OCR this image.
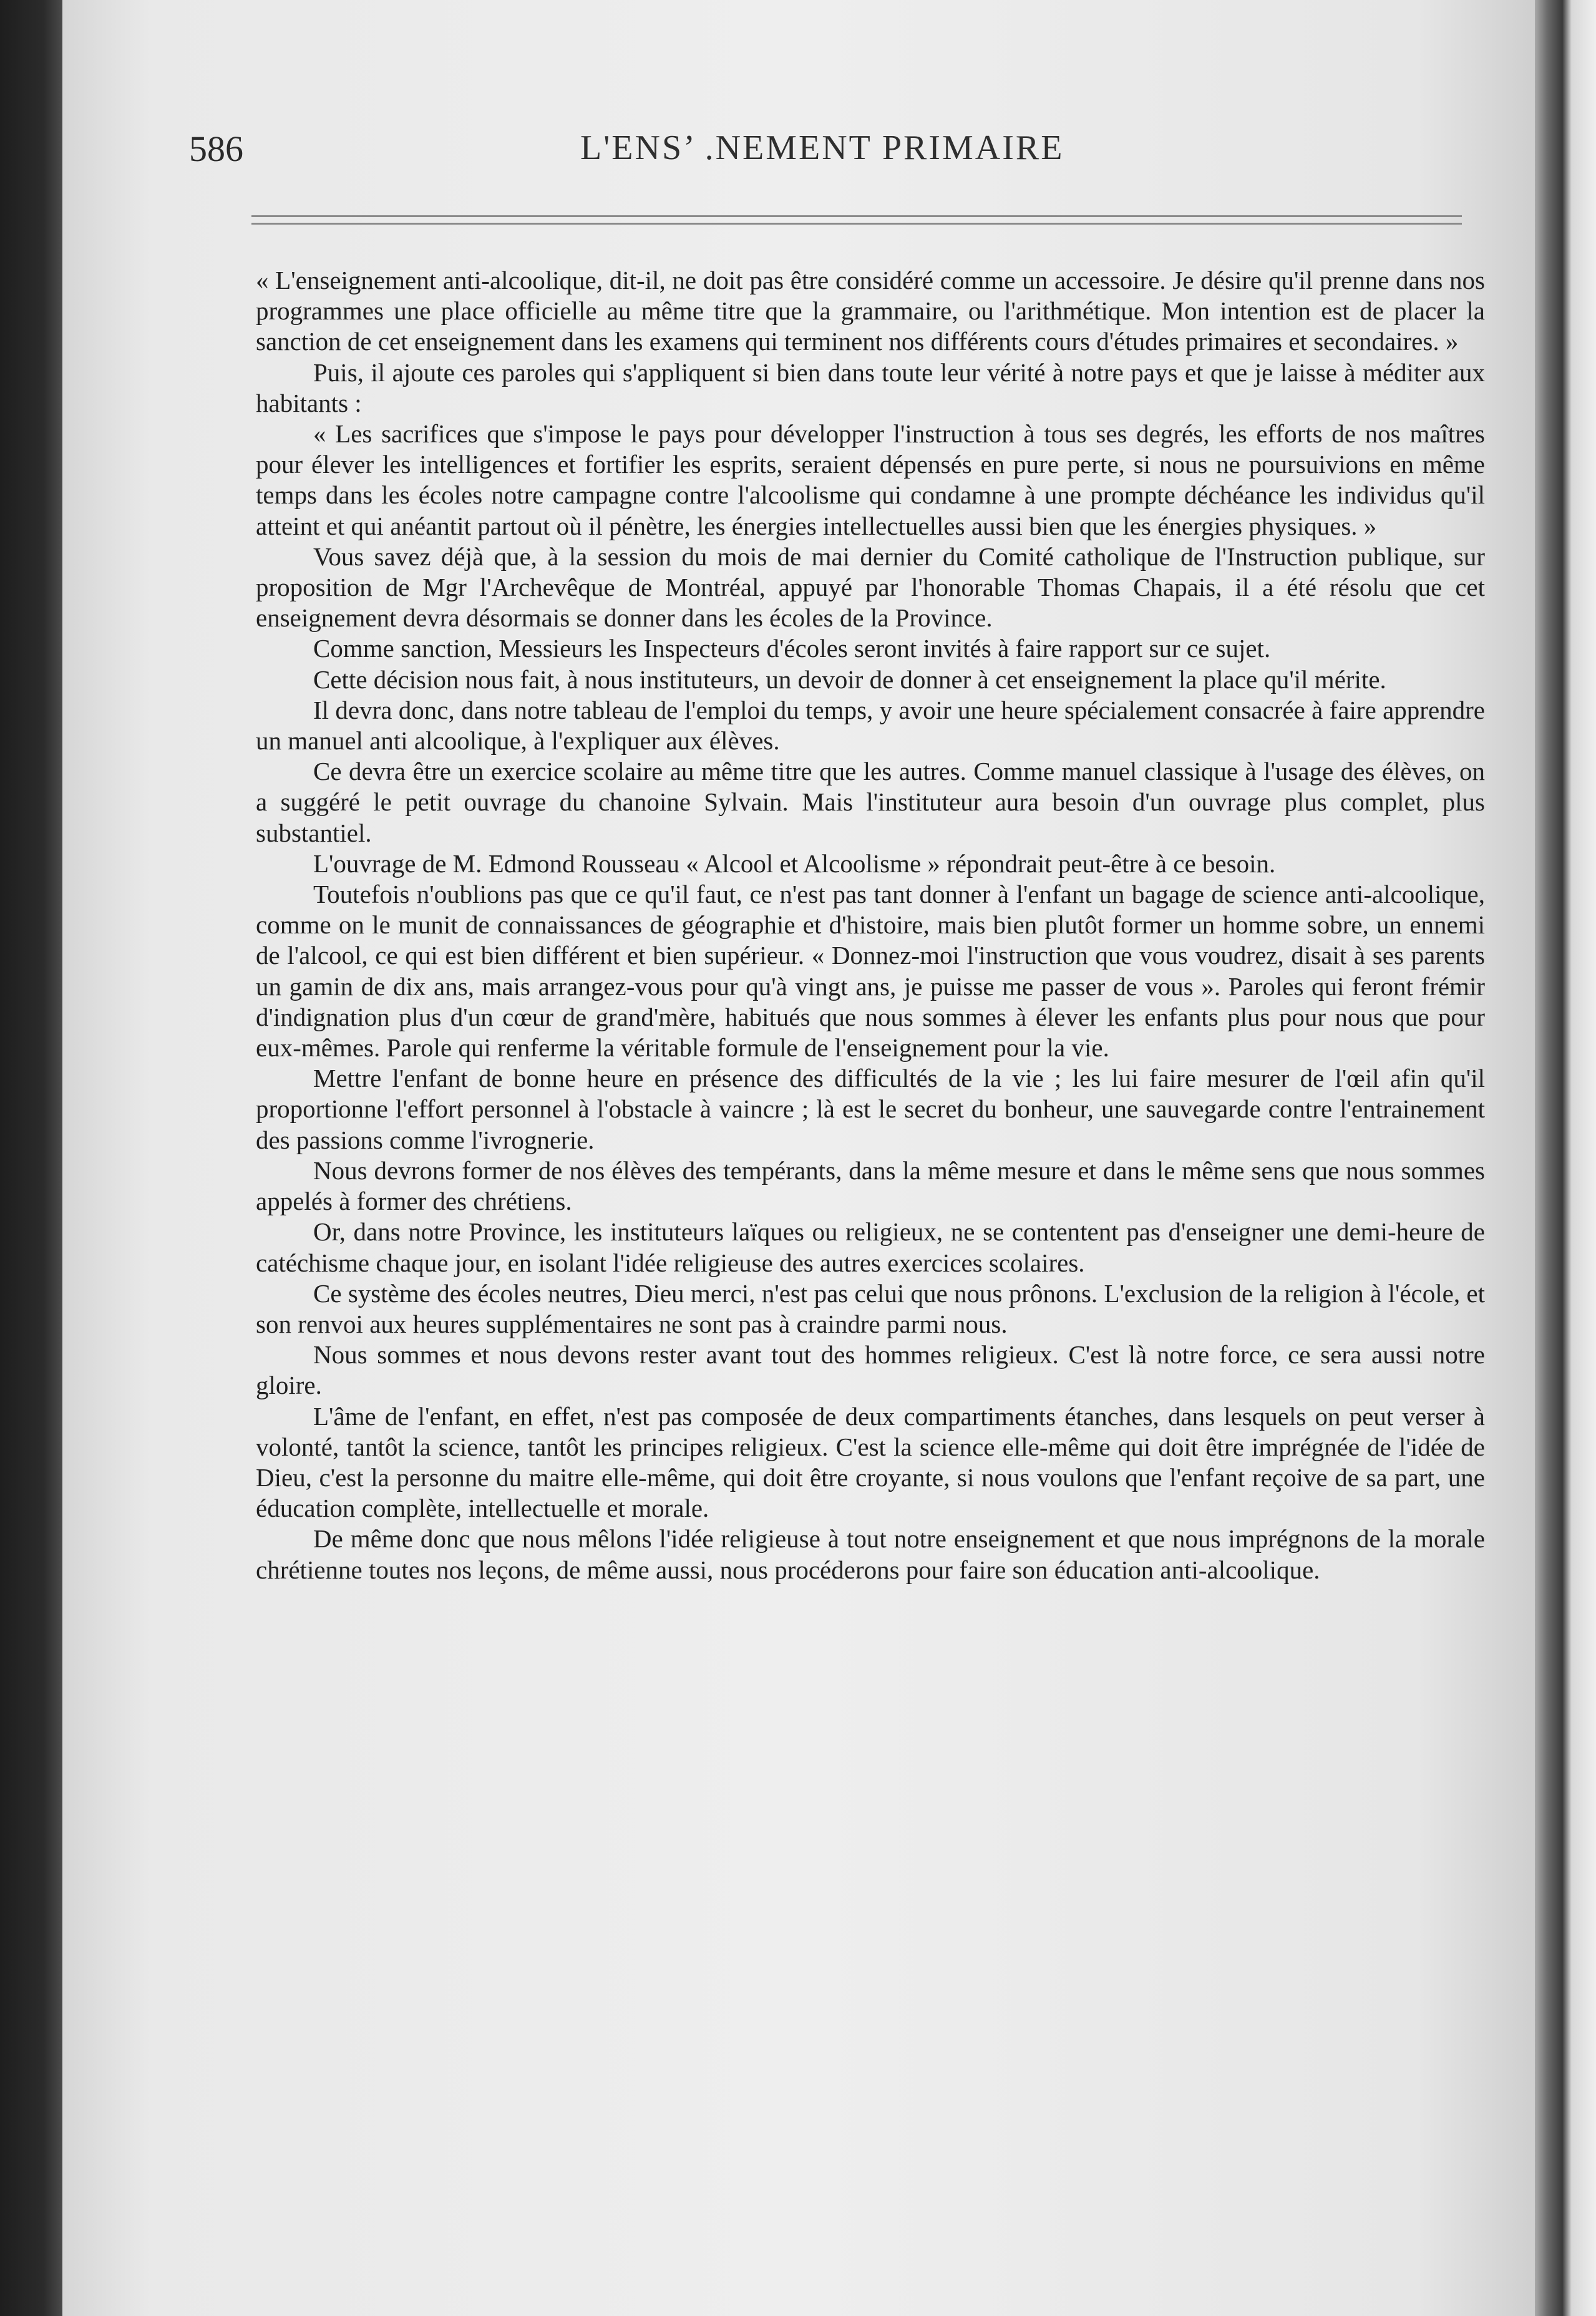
586	L'ENS’ .NEMENT PRIMAIRE

« L'enseignement anti-alcoolique, dit-il, ne doit pas être considéré comme un accessoire. Je désire qu'il prenne dans nos programmes une place officielle au même titre que la grammaire, ou l'arithmétique. Mon intention est de placer la sanction de cet enseignement dans les examens qui terminent nos différents cours d'études primaires et secondaires. »

Puis, il ajoute ces paroles qui s'appliquent si bien dans toute leur vérité à notre pays et que je laisse à méditer aux habitants :

« Les sacrifices que s'impose le pays pour développer l'instruction à tous ses degrés, les efforts de nos maîtres pour élever les intelligences et fortifier les esprits, seraient dépensés en pure perte, si nous ne poursuivions en même temps dans les écoles notre campagne contre l'alcoolisme qui condamne à une prompte déchéance les individus qu'il atteint et qui anéantit partout où il pénètre, les énergies intellectuelles aussi bien que les énergies physiques. »

Vous savez déjà que, à la session du mois de mai dernier du Comité catholique de l'Instruction publique, sur proposition de Mgr l'Archevêque de Montréal, appuyé par l'honorable Thomas Chapais, il a été résolu que cet enseignement devra désormais se donner dans les écoles de la Province.

Comme sanction, Messieurs les Inspecteurs d'écoles seront invités à faire rapport sur ce sujet.

Cette décision nous fait, à nous instituteurs, un devoir de donner à cet enseignement la place qu'il mérite.

Il devra donc, dans notre tableau de l'emploi du temps, y avoir une heure spécialement consacrée à faire apprendre un manuel anti alcoolique, à l'expliquer aux élèves.

Ce devra être un exercice scolaire au même titre que les autres. Comme manuel classique à l'usage des élèves, on a suggéré le petit ouvrage du chanoine Sylvain. Mais l'instituteur aura besoin d'un ouvrage plus complet, plus substantiel.

L'ouvrage de M. Edmond Rousseau « Alcool et Alcoolisme » répondrait peut-être à ce besoin.

Toutefois n'oublions pas que ce qu'il faut, ce n'est pas tant donner à l'enfant un bagage de science anti-alcoolique, comme on le munit de connaissances de géographie et d'histoire, mais bien plutôt former un homme sobre, un ennemi de l'alcool, ce qui est bien différent et bien supérieur. « Donnez-moi l'instruction que vous voudrez, disait à ses parents un gamin de dix ans, mais arrangez-vous pour qu'à vingt ans, je puisse me passer de vous ». Paroles qui feront frémir d'indignation plus d'un cœur de grand'mère, habitués que nous sommes à élever les enfants plus pour nous que pour eux-mêmes. Parole qui renferme la véritable formule de l'enseignement pour la vie.

Mettre l'enfant de bonne heure en présence des difficultés de la vie ; les lui faire mesurer de l'œil afin qu'il proportionne l'effort personnel à l'obstacle à vaincre ; là est le secret du bonheur, une sauvegarde contre l'entrainement des passions comme l'ivrognerie.

Nous devrons former de nos élèves des tempérants, dans la même mesure et dans le même sens que nous sommes appelés à former des chrétiens.

Or, dans notre Province, les instituteurs laïques ou religieux, ne se contentent pas d'enseigner une demi-heure de catéchisme chaque jour, en isolant l'idée religieuse des autres exercices scolaires.

Ce système des écoles neutres, Dieu merci, n'est pas celui que nous prônons. L'exclusion de la religion à l'école, et son renvoi aux heures supplémentaires ne sont pas à craindre parmi nous.

Nous sommes et nous devons rester avant tout des hommes religieux. C'est là notre force, ce sera aussi notre gloire.

L'âme de l'enfant, en effet, n'est pas composée de deux compartiments étanches, dans lesquels on peut verser à volonté, tantôt la science, tantôt les principes religieux. C'est la science elle-même qui doit être imprégnée de l'idée de Dieu, c'est la personne du maitre elle-même, qui doit être croyante, si nous voulons que l'enfant reçoive de sa part, une éducation complète, intellectuelle et morale.

De même donc que nous mêlons l'idée religieuse à tout notre enseignement et que nous imprégnons de la morale chrétienne toutes nos leçons, de même aussi, nous procéderons pour faire son éducation anti-alcoolique.
